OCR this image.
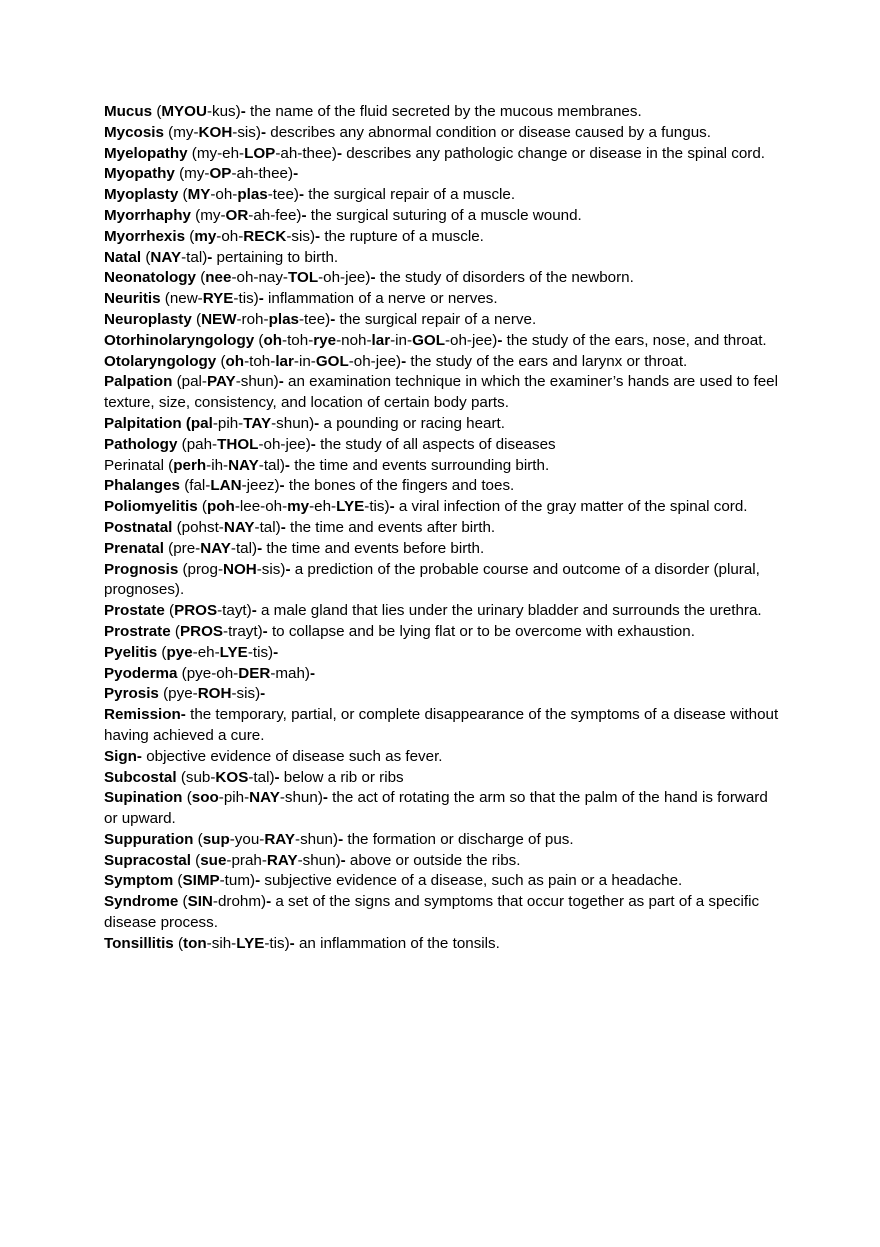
Mucus (MYOU-kus)- the name of the fluid secreted by the mucous membranes.

Mycosis (my-KOH-sis)- describes any abnormal condition or disease caused by a fungus.

Myelopathy (my-eh-LOP-ah-thee)- describes any pathologic change or disease in the spinal cord.

Myopathy (my-OP-ah-thee)-

Myoplasty (MY-oh-plas-tee)- the surgical repair of a muscle.

Myorrhaphy (my-OR-ah-fee)- the surgical suturing of a muscle wound.

Myorrhexis (my-oh-RECK-sis)- the rupture of a muscle.

Natal (NAY-tal)- pertaining to birth.

Neonatology (nee-oh-nay-TOL-oh-jee)- the study of disorders of the newborn.

Neuritis (new-RYE-tis)- inflammation of a nerve or nerves.

Neuroplasty (NEW-roh-plas-tee)- the surgical repair of a nerve.

Otorhinolaryngology (oh-toh-rye-noh-lar-in-GOL-oh-jee)- the study of the ears, nose, and throat.

Otolaryngology (oh-toh-lar-in-GOL-oh-jee)- the study of the ears and larynx or throat.

Palpation (pal-PAY-shun)- an examination technique in which the examiner’s hands are used to feel texture, size, consistency, and location of certain body parts.

Palpitation (pal-pih-TAY-shun)- a pounding or racing heart.

Pathology (pah-THOL-oh-jee)- the study of all aspects of diseases

Perinatal (perh-ih-NAY-tal)- the time and events surrounding birth.

Phalanges (fal-LAN-jeez)- the bones of the fingers and toes.

Poliomyelitis (poh-lee-oh-my-eh-LYE-tis)- a viral infection of the gray matter of the spinal cord.

Postnatal (pohst-NAY-tal)- the time and events after birth.

Prenatal (pre-NAY-tal)- the time and events before birth.

Prognosis (prog-NOH-sis)- a prediction of the probable course and outcome of a disorder (plural, prognoses).

Prostate (PROS-tayt)- a male gland that lies under the urinary bladder and surrounds the urethra.

Prostrate (PROS-trayt)- to collapse and be lying flat or to be overcome with exhaustion.

Pyelitis (pye-eh-LYE-tis)-

Pyoderma (pye-oh-DER-mah)-

Pyrosis (pye-ROH-sis)-

Remission- the temporary, partial, or complete disappearance of the symptoms of a disease without having achieved a cure.

Sign- objective evidence of disease such as fever.

Subcostal (sub-KOS-tal)- below a rib or ribs

Supination (soo-pih-NAY-shun)- the act of rotating the arm so that the palm of the hand is forward or upward.

Suppuration (sup-you-RAY-shun)- the formation or discharge of pus.

Supracostal (sue-prah-RAY-shun)- above or outside the ribs.

Symptom (SIMP-tum)- subjective evidence of a disease, such as pain or a headache.

Syndrome (SIN-drohm)- a set of the signs and symptoms that occur together as part of a specific disease process.

Tonsillitis (ton-sih-LYE-tis)- an inflammation of the tonsils.
